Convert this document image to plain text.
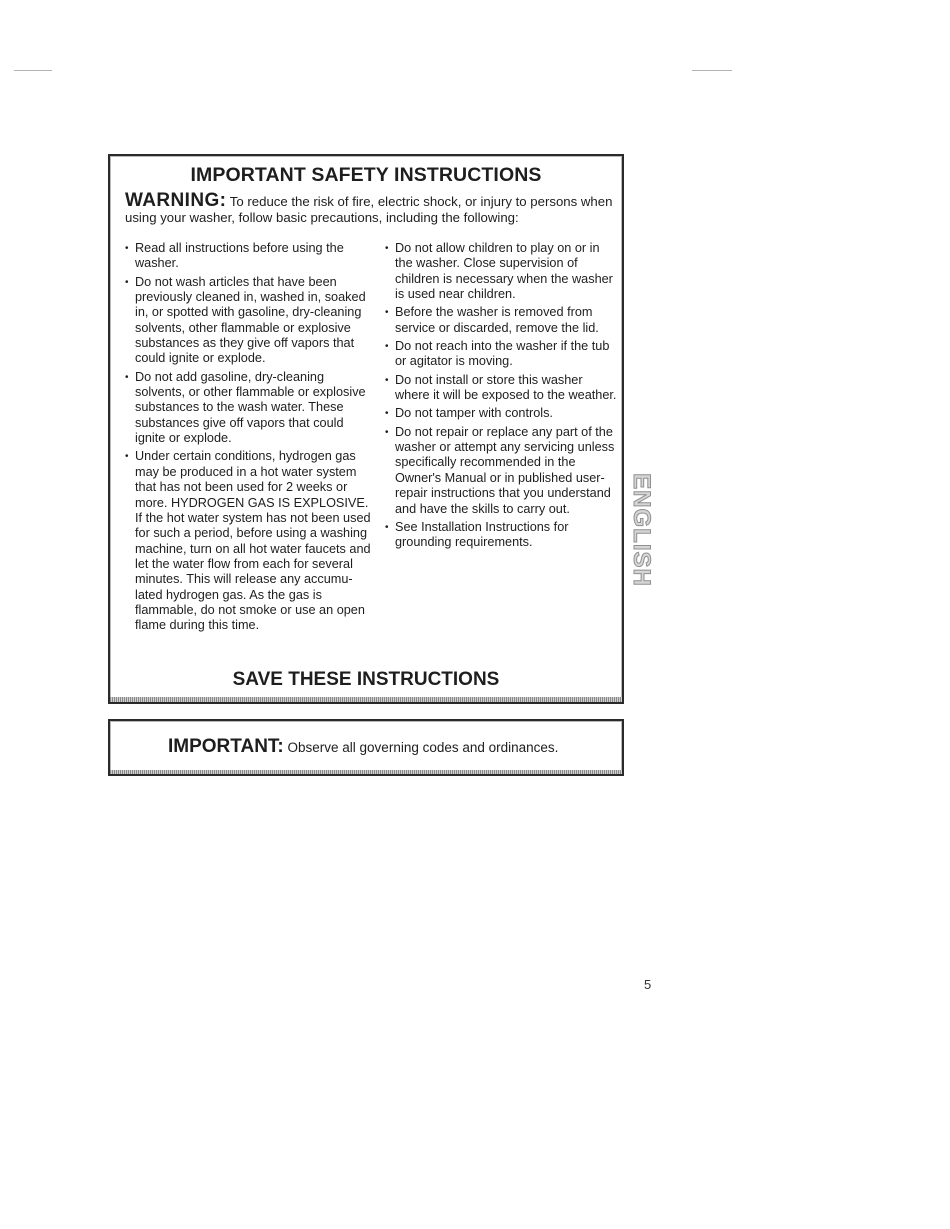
IMPORTANT SAFETY INSTRUCTIONS
WARNING: To reduce the risk of fire, electric shock, or injury to persons when using your washer, follow basic precautions, including the following:
• Read all instructions before using the washer.
• Do not wash articles that have been previously cleaned in, washed in, soaked in, or spotted with gasoline, dry-cleaning solvents, other flammable or explosive substances as they give off vapors that could ignite or explode.
• Do not add gasoline, dry-cleaning solvents, or other flammable or explosive substances to the wash water. These substances give off vapors that could ignite or explode.
• Under certain conditions, hydrogen gas may be produced in a hot water system that has not been used for 2 weeks or more. HYDROGEN GAS IS EXPLOSIVE. If the hot water system has not been used for such a period, before using a washing machine, turn on all hot water faucets and let the water flow from each for several minutes. This will release any accumu-lated hydrogen gas. As the gas is flammable, do not smoke or use an open flame during this time.
• Do not allow children to play on or in the washer. Close supervision of children is necessary when the washer is used near children.
• Before the washer is removed from service or discarded, remove the lid.
• Do not reach into the washer if the tub or agitator is moving.
• Do not install or store this washer where it will be exposed to the weather.
• Do not tamper with controls.
• Do not repair or replace any part of the washer or attempt any servicing unless specifically recommended in the Owner's Manual or in published user-repair instructions that you understand and have the skills to carry out.
• See Installation Instructions for grounding requirements.
SAVE THESE INSTRUCTIONS
IMPORTANT: Observe all governing codes and ordinances.
ENGLISH
5
